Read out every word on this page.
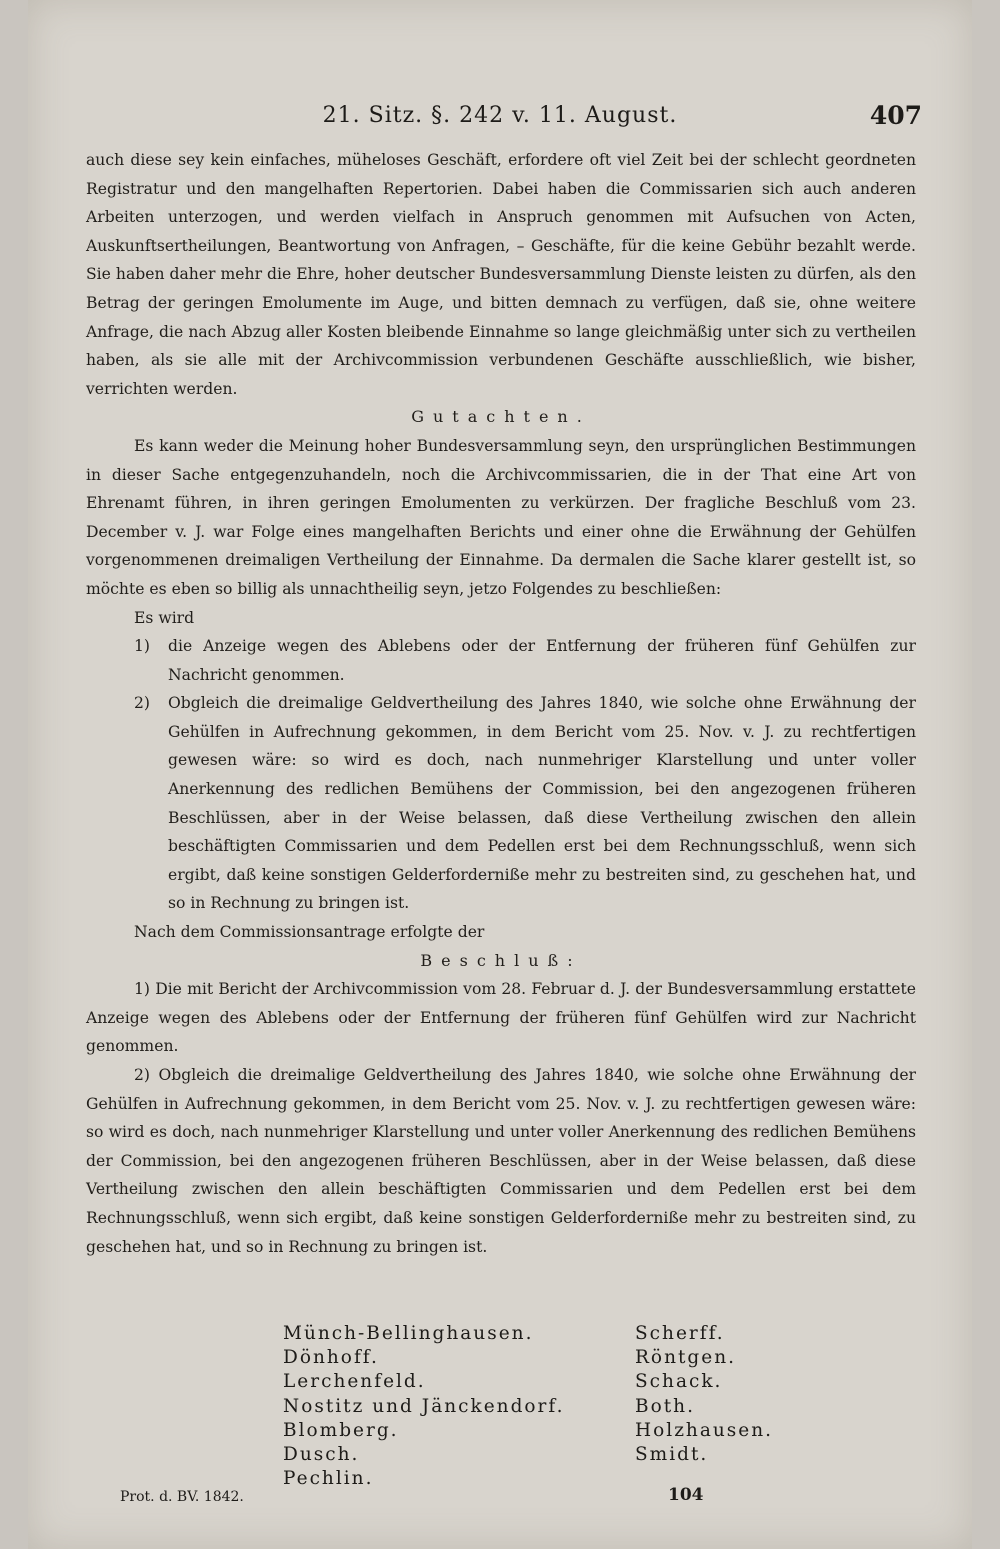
21. Sitz. §. 242 v. 11. August.	407

auch diese sey kein einfaches, müheloses Geschäft, erfordere oft viel Zeit bei der schlecht geordneten Registratur und den mangelhaften Repertorien. Dabei haben die Commissarien sich auch anderen Arbeiten unterzogen, und werden vielfach in Anspruch genommen mit Aufsuchen von Acten, Auskunftsertheilungen, Beantwortung von Anfragen, – Geschäfte, für die keine Gebühr bezahlt werde. Sie haben daher mehr die Ehre, hoher deutscher Bundesversammlung Dienste leisten zu dürfen, als den Betrag der geringen Emolumente im Auge, und bitten demnach zu verfügen, daß sie, ohne weitere Anfrage, die nach Abzug aller Kosten bleibende Einnahme so lange gleichmäßig unter sich zu vertheilen haben, als sie alle mit der Archivcommission verbundenen Geschäfte ausschließlich, wie bisher, verrichten werden.

Gutachten.

Es kann weder die Meinung hoher Bundesversammlung seyn, den ursprünglichen Bestimmungen in dieser Sache entgegenzuhandeln, noch die Archivcommissarien, die in der That eine Art von Ehrenamt führen, in ihren geringen Emolumenten zu verkürzen. Der fragliche Beschluß vom 23. December v. J. war Folge eines mangelhaften Berichts und einer ohne die Erwähnung der Gehülfen vorgenommenen dreimaligen Vertheilung der Einnahme. Da dermalen die Sache klarer gestellt ist, so möchte es eben so billig als unnachtheilig seyn, jetzo Folgendes zu beschließen:

Es wird

1) die Anzeige wegen des Ablebens oder der Entfernung der früheren fünf Gehülfen zur Nachricht genommen.

2) Obgleich die dreimalige Geldvertheilung des Jahres 1840, wie solche ohne Erwähnung der Gehülfen in Aufrechnung gekommen, in dem Bericht vom 25. Nov. v. J. zu rechtfertigen gewesen wäre: so wird es doch, nach nunmehriger Klarstellung und unter voller Anerkennung des redlichen Bemühens der Commission, bei den angezogenen früheren Beschlüssen, aber in der Weise belassen, daß diese Vertheilung zwischen den allein beschäftigten Commissarien und dem Pedellen erst bei dem Rechnungsschluß, wenn sich ergibt, daß keine sonstigen Gelderforderniße mehr zu bestreiten sind, zu geschehen hat, und so in Rechnung zu bringen ist.

Nach dem Commissionsantrage erfolgte der

Beschluß:

1) Die mit Bericht der Archivcommission vom 28. Februar d. J. der Bundesversammlung erstattete Anzeige wegen des Ablebens oder der Entfernung der früheren fünf Gehülfen wird zur Nachricht genommen.

2) Obgleich die dreimalige Geldvertheilung des Jahres 1840, wie solche ohne Erwähnung der Gehülfen in Aufrechnung gekommen, in dem Bericht vom 25. Nov. v. J. zu rechtfertigen gewesen wäre: so wird es doch, nach nunmehriger Klarstellung und unter voller Anerkennung des redlichen Bemühens der Commission, bei den angezogenen früheren Beschlüssen, aber in der Weise belassen, daß diese Vertheilung zwischen den allein beschäftigten Commissarien und dem Pedellen erst bei dem Rechnungsschluß, wenn sich ergibt, daß keine sonstigen Gelderforderniße mehr zu bestreiten sind, zu geschehen hat, und so in Rechnung zu bringen ist.

Münch-Bellinghausen.
Dönhoff.
Lerchenfeld.
Nostitz und Jänckendorf.
Blomberg.
Dusch.
Pechlin.
Scherff.
Röntgen.
Schack.
Both.
Holzhausen.
Smidt.
Prot. d. BV. 1842.	104
